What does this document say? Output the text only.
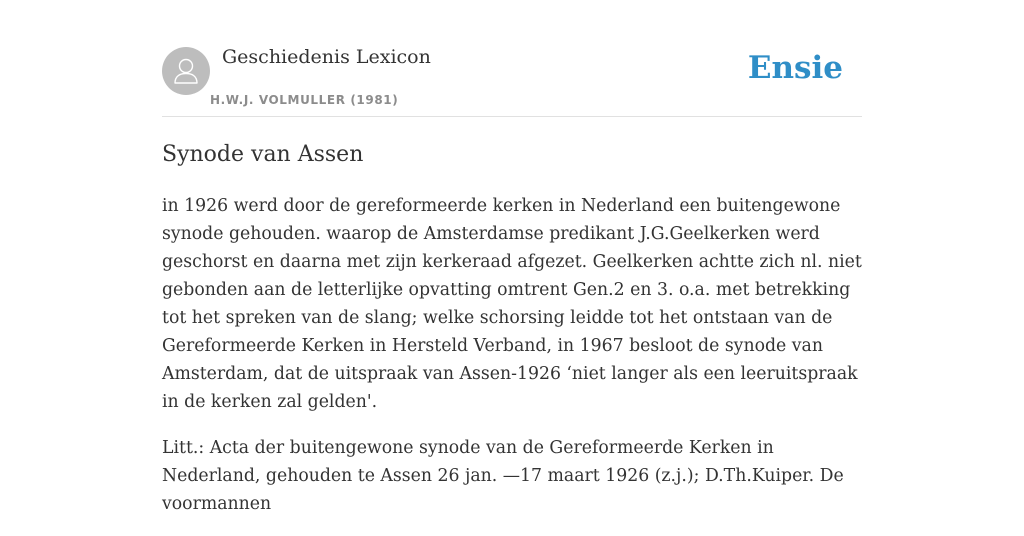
Geschiedenis Lexicon
H.W.J. VOLMULLER (1981)
Ensie
Synode van Assen

in 1926 werd door de gereformeerde kerken in Nederland een buitengewone synode gehouden. waarop de Amsterdamse predikant J.G.Geelkerken werd geschorst en daarna met zijn kerkeraad afgezet. Geelkerken achtte zich nl. niet gebonden aan de letterlijke opvatting omtrent Gen.2 en 3. o.a. met betrekking tot het spreken van de slang; welke schorsing leidde tot het ontstaan van de Gereformeerde Kerken in Hersteld Verband, in 1967 besloot de synode van Amsterdam, dat de uitspraak van Assen-1926 ‘niet langer als een leeruitspraak in de kerken zal gelden'.

Litt.: Acta der buitengewone synode van de Gereformeerde Kerken in Nederland, gehouden te Assen 26 jan. —17 maart 1926 (z.j.); D.Th.Kuiper. De voormannen
